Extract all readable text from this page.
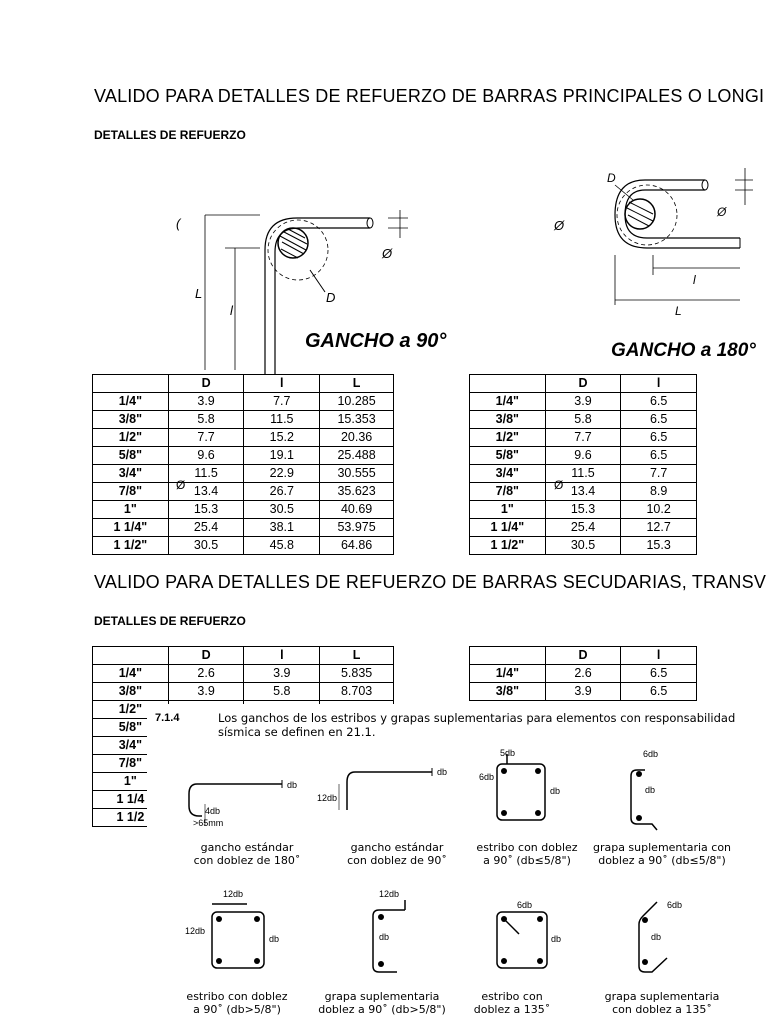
VALIDO PARA DETALLES DE REFUERZO DE BARRAS PRINCIPALES O LONGI
DETALLES DE REFUERZO
(
D
L
l
Ø
GANCHO a 90°
Ø
D
Ø
l
L
GANCHO a 180°
	D	l	L
1/4"	3.9	7.7	10.285
3/8"	5.8	11.5	15.353
1/2"	7.7	15.2	20.36
5/8"	9.6	19.1	25.488
3/4"	11.5	22.9	30.555
7/8"	13.4	26.7	35.623
1"	15.3	30.5	40.69
1 1/4"	25.4	38.1	53.975
1 1/2"	30.5	45.8	64.86
	D	l
1/4"	3.9	6.5
3/8"	5.8	6.5
1/2"	7.7	6.5
5/8"	9.6	6.5
3/4"	11.5	7.7
7/8"	13.4	8.9
1"	15.3	10.2
1 1/4"	25.4	12.7
1 1/2"	30.5	15.3
Ø	Ø
VALIDO PARA DETALLES DE REFUERZO DE BARRAS SECUDARIAS, TRANSV
DETALLES DE REFUERZO
	D	l	L
1/4"	2.6	3.9	5.835
3/8"	3.9	5.8	8.703
1/2"			
5/8"			
3/4"			
7/8"			
1"			
1 1/4			
1 1/2			
	D	l
1/4"	2.6	6.5
3/8"	3.9	6.5
7.1.4	Los ganchos de los estribos y grapas suplementarias para elementos con responsabilidad
sísmica se definen en 21.1.
db
4db
>65mm
db
12db
5db
6db
db
6db
db
12db
12db
db
12db
db
6db
db
6db
db
gancho estándar
con doblez de 180˚
gancho estándar
con doblez de 90˚
estribo con doblez
a 90˚ (db≤5/8")
grapa suplementaria con
doblez a 90˚ (db≤5/8")
estribo con doblez
a 90˚ (db>5/8")
grapa suplementaria
doblez a 90˚ (db>5/8")
estribo con
doblez a 135˚
grapa suplementaria
con doblez a 135˚
